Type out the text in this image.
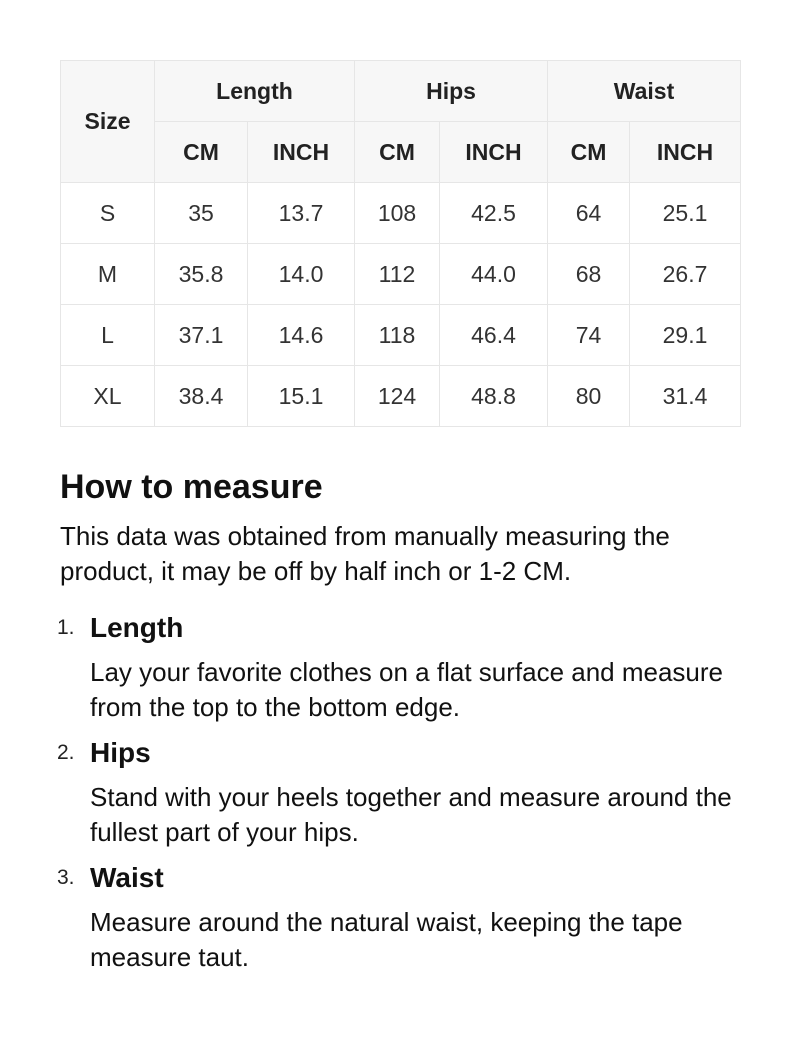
Size	Length		Hips		Waist	
	CM	INCH	CM	INCH	CM	INCH
S	35	13.7	108	42.5	64	25.1
M	35.8	14.0	112	44.0	68	26.7
L	37.1	14.6	118	46.4	74	29.1
XL	38.4	15.1	124	48.8	80	31.4
How to measure

This data was obtained from manually measuring the product, it may be off by half inch or 1-2 CM.

1. Length
Lay your favorite clothes on a flat surface and measure from the top to the bottom edge.
2. Hips
Stand with your heels together and measure around the fullest part of your hips.
3. Waist
Measure around the natural waist, keeping the tape measure taut.
